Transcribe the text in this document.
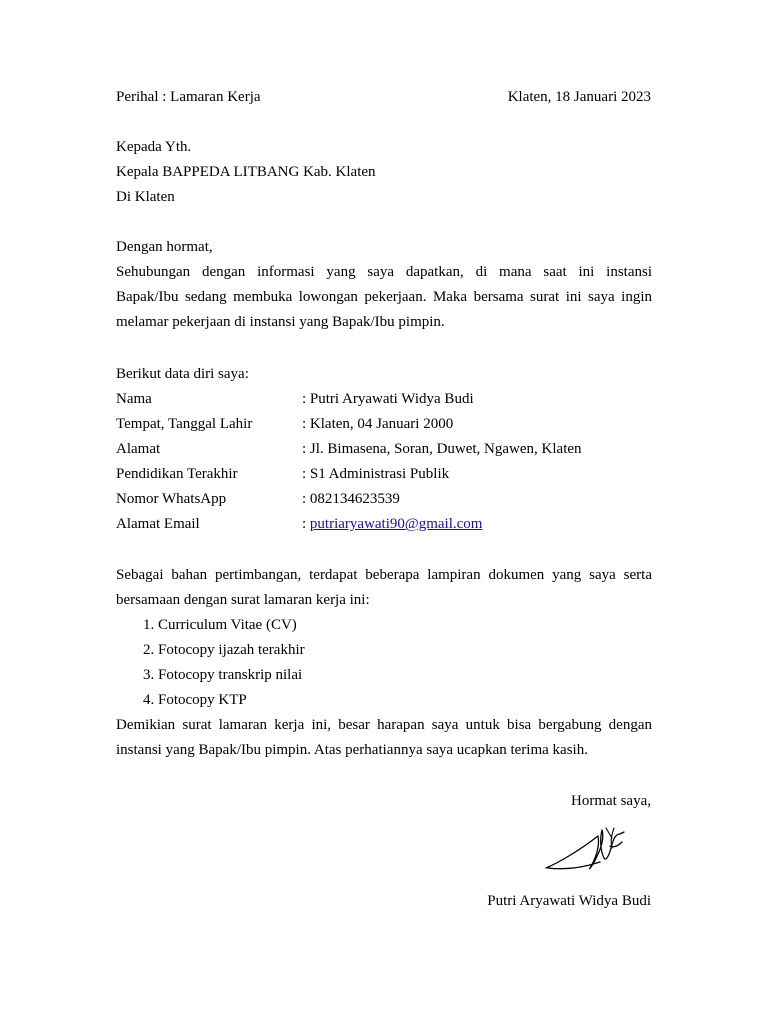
Perihal : Lamaran Kerja	Klaten, 18 Januari 2023
Kepada Yth.
Kepala BAPPEDA LITBANG Kab. Klaten
Di Klaten
Dengan hormat,
Sehubungan dengan informasi yang saya dapatkan, di mana saat ini instansi
Bapak/Ibu sedang membuka lowongan pekerjaan. Maka bersama surat ini saya ingin
melamar pekerjaan di instansi yang Bapak/Ibu pimpin.
Berikut data diri saya:
Nama	: Putri Aryawati Widya Budi
Tempat, Tanggal Lahir	: Klaten, 04 Januari 2000
Alamat	: Jl. Bimasena, Soran, Duwet, Ngawen, Klaten
Pendidikan Terakhir	: S1 Administrasi Publik
Nomor WhatsApp	: 082134623539
Alamat Email	: putriaryawati90@gmail.com
Sebagai bahan pertimbangan, terdapat beberapa lampiran dokumen yang saya serta
bersamaan dengan surat lamaran kerja ini:
1. Curriculum Vitae (CV)
2. Fotocopy ijazah terakhir
3. Fotocopy transkrip nilai
4. Fotocopy KTP
Demikian surat lamaran kerja ini, besar harapan saya untuk bisa bergabung dengan
instansi yang Bapak/Ibu pimpin. Atas perhatiannya saya ucapkan terima kasih.
Hormat saya,
Putri Aryawati Widya Budi
